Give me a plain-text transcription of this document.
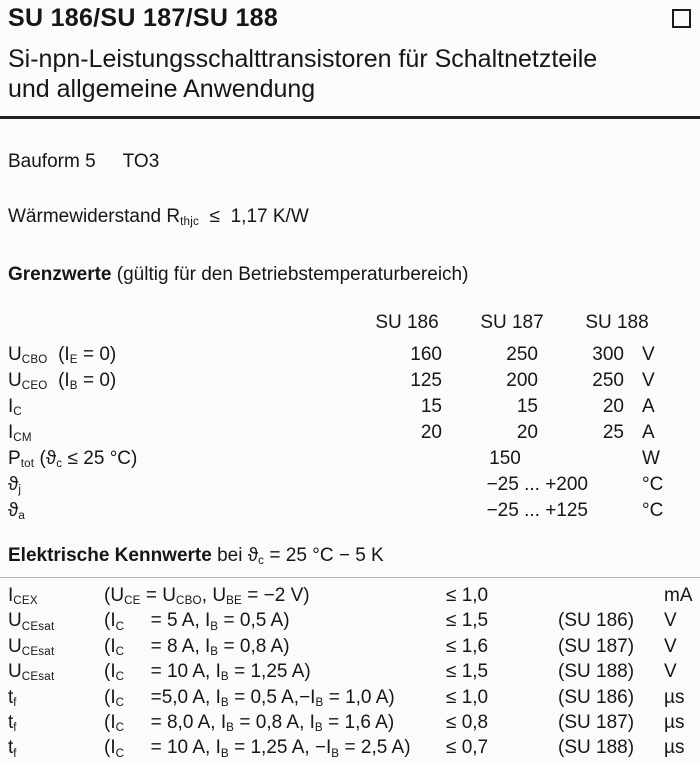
SU 186/SU 187/SU 188
Si-npn-Leistungsschalttransistoren für Schaltnetzteile
und allgemeine Anwendung
Bauform 5 TO3
Wärmewiderstand Rthjc  ≤  1,17 K/W
Grenzwerte (gültig für den Betriebstemperaturbereich)
SU 186	SU 187	SU 188
UCBO  (IE = 0)	160	250	300 V
UCEO  (IB = 0)	125	200	250 V
IC	15	15	20 A
ICM	20	20	25 A
Ptot (ϑc ≤ 25 °C)	150	W
ϑj	−25 ... +200	°C
ϑa	−25 ... +125	°C
Elektrische Kennwerte bei ϑc = 25 °C − 5 K
ICEX	(UCE = UCBO, UBE = −2 V)	≤ 1,0	mA
UCEsat	(IC     = 5 A, IB = 0,5 A)	≤ 1,5	(SU 186)	V
UCEsat	(IC     = 8 A, IB = 0,8 A)	≤ 1,6	(SU 187)	V
UCEsat	(IC     = 10 A, IB = 1,25 A)	≤ 1,5	(SU 188)	V
tf	(IC     =5,0 A, IB = 0,5 A,−IB = 1,0 A)	≤ 1,0	(SU 186)	µs
tf	(IC     = 8,0 A, IB = 0,8 A, IB = 1,6 A)	≤ 0,8	(SU 187)	µs
tf	(IC     = 10 A, IB = 1,25 A, −IB = 2,5 A)	≤ 0,7	(SU 188)	µs
